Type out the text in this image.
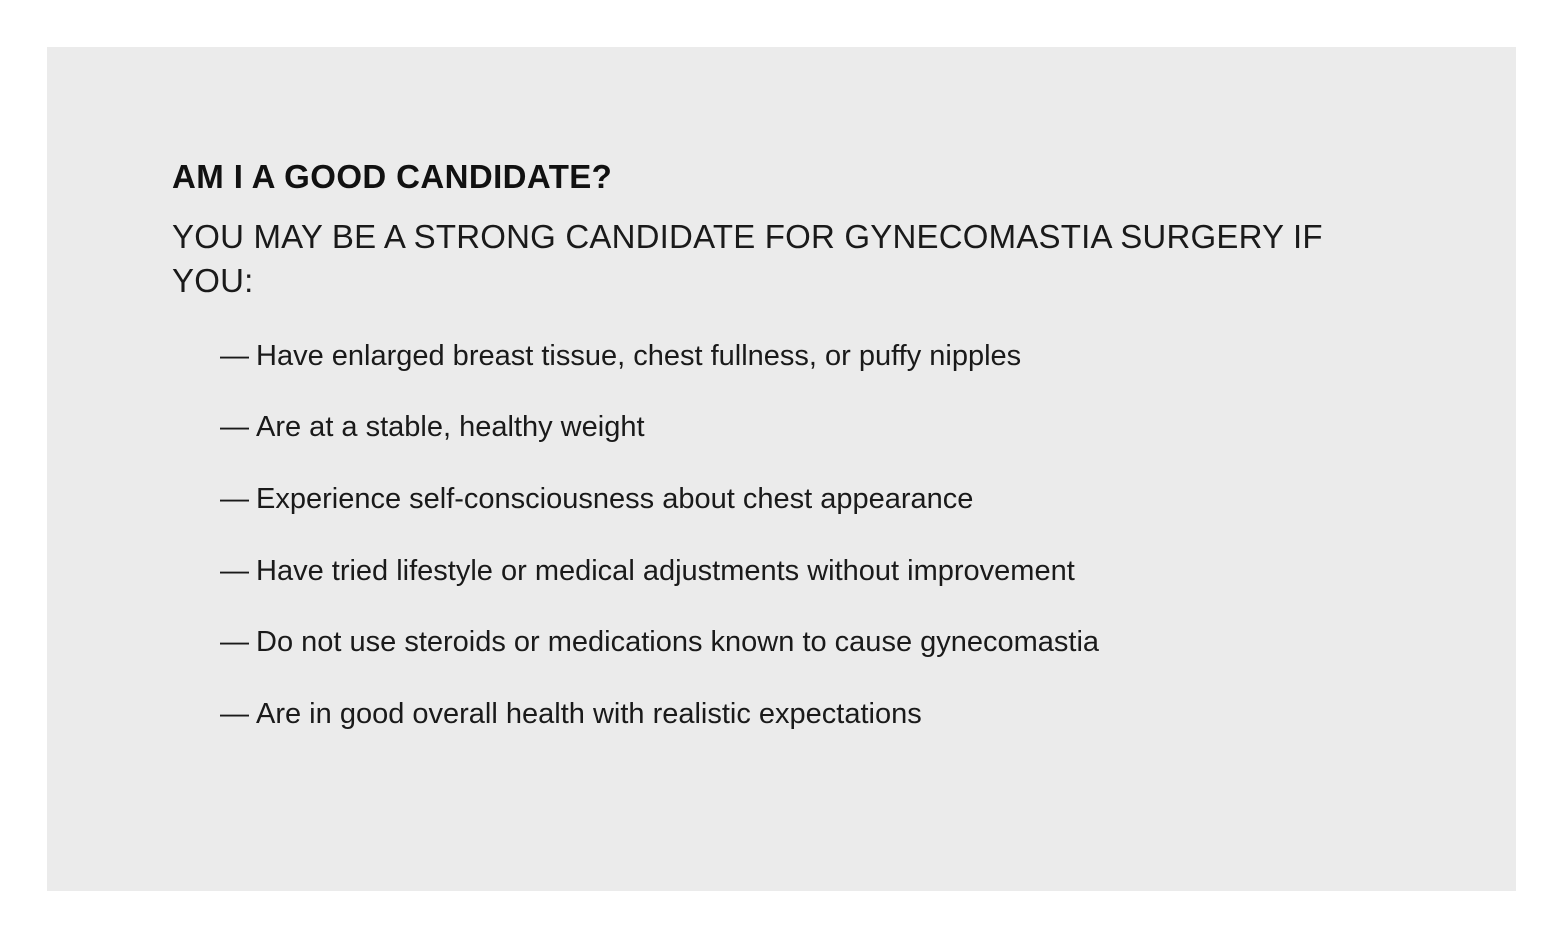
AM I A GOOD CANDIDATE?

YOU MAY BE A STRONG CANDIDATE FOR GYNECOMASTIA SURGERY IF YOU:

— Have enlarged breast tissue, chest fullness, or puffy nipples
— Are at a stable, healthy weight
— Experience self-consciousness about chest appearance
— Have tried lifestyle or medical adjustments without improvement
— Do not use steroids or medications known to cause gynecomastia
— Are in good overall health with realistic expectations
